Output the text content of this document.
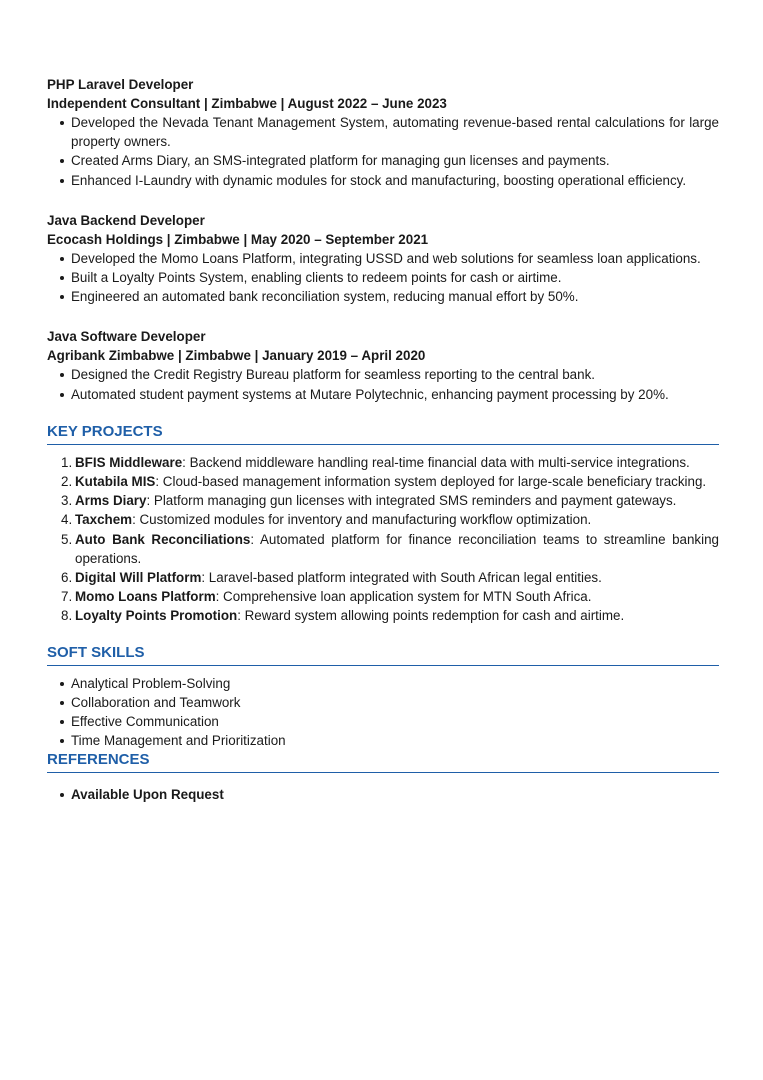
PHP Laravel Developer
Independent Consultant | Zimbabwe | August 2022 – June 2023
Developed the Nevada Tenant Management System, automating revenue-based rental calculations for large property owners.
Created Arms Diary, an SMS-integrated platform for managing gun licenses and payments.
Enhanced I-Laundry with dynamic modules for stock and manufacturing, boosting operational efficiency.
Java Backend Developer
Ecocash Holdings | Zimbabwe | May 2020 – September 2021
Developed the Momo Loans Platform, integrating USSD and web solutions for seamless loan applications.
Built a Loyalty Points System, enabling clients to redeem points for cash or airtime.
Engineered an automated bank reconciliation system, reducing manual effort by 50%.
Java Software Developer
Agribank Zimbabwe | Zimbabwe | January 2019 – April 2020
Designed the Credit Registry Bureau platform for seamless reporting to the central bank.
Automated student payment systems at Mutare Polytechnic, enhancing payment processing by 20%.
KEY PROJECTS
1. BFIS Middleware: Backend middleware handling real-time financial data with multi-service integrations.
2. Kutabila MIS: Cloud-based management information system deployed for large-scale beneficiary tracking.
3. Arms Diary: Platform managing gun licenses with integrated SMS reminders and payment gateways.
4. Taxchem: Customized modules for inventory and manufacturing workflow optimization.
5. Auto Bank Reconciliations: Automated platform for finance reconciliation teams to streamline banking operations.
6. Digital Will Platform: Laravel-based platform integrated with South African legal entities.
7. Momo Loans Platform: Comprehensive loan application system for MTN South Africa.
8. Loyalty Points Promotion: Reward system allowing points redemption for cash and airtime.
SOFT SKILLS
Analytical Problem-Solving
Collaboration and Teamwork
Effective Communication
Time Management and Prioritization
REFERENCES
Available Upon Request
